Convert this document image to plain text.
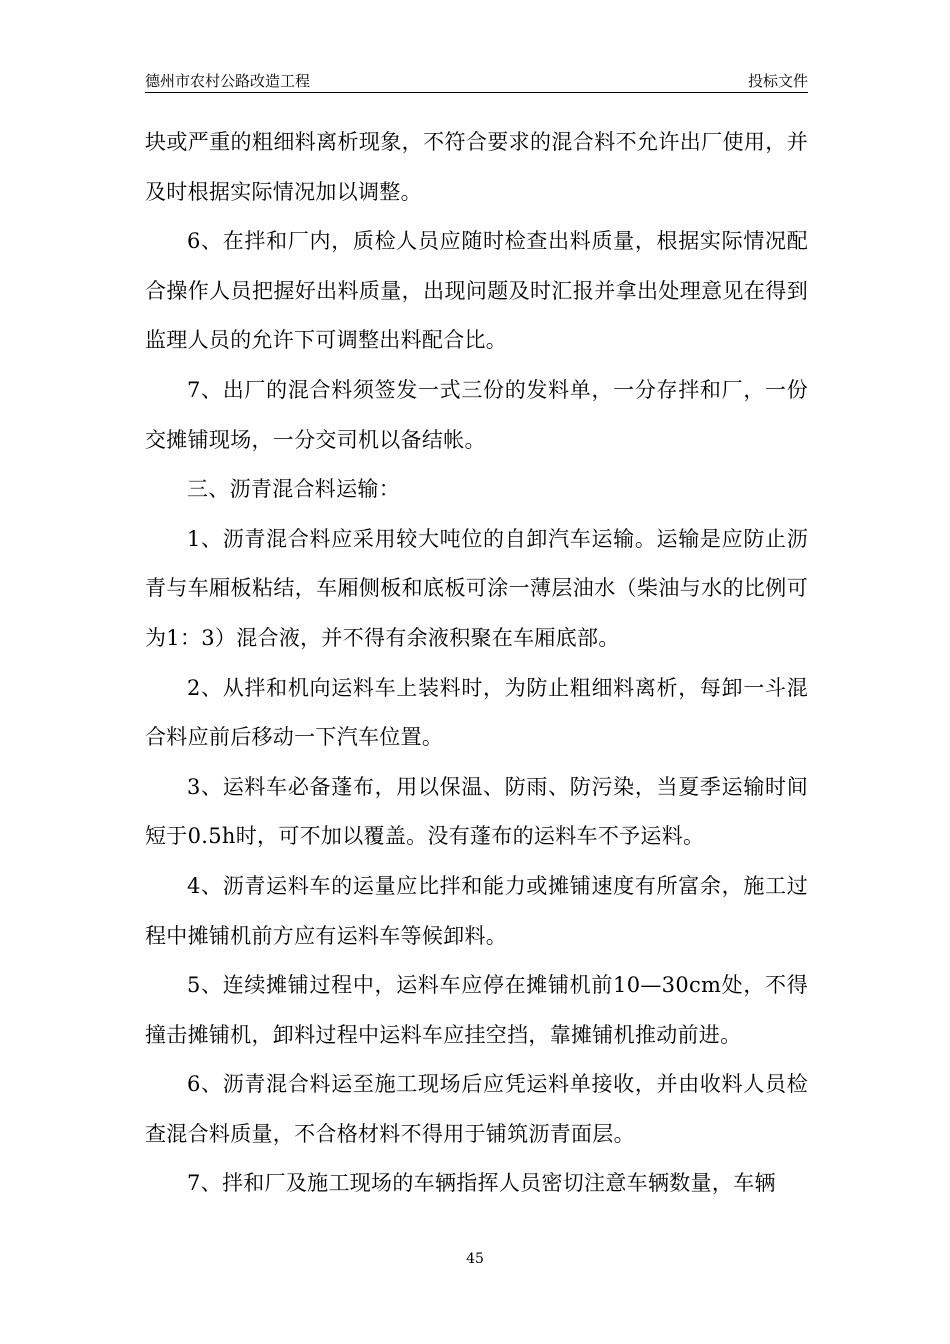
德州市农村公路改造工程	投标文件

块或严重的粗细料离析现象，不符合要求的混合料不允许出厂使用，并及时根据实际情况加以调整。

6、在拌和厂内，质检人员应随时检查出料质量，根据实际情况配合操作人员把握好出料质量，出现问题及时汇报并拿出处理意见在得到监理人员的允许下可调整出料配合比。

7、出厂的混合料须签发一式三份的发料单，一分存拌和厂，一份交摊铺现场，一分交司机以备结帐。

三、沥青混合料运输：

1、沥青混合料应采用较大吨位的自卸汽车运输。运输是应防止沥青与车厢板粘结，车厢侧板和底板可涂一薄层油水（柴油与水的比例可为1：3）混合液，并不得有余液积聚在车厢底部。

2、从拌和机向运料车上装料时，为防止粗细料离析，每卸一斗混合料应前后移动一下汽车位置。

3、运料车必备蓬布，用以保温、防雨、防污染，当夏季运输时间短于0.5h时，可不加以覆盖。没有蓬布的运料车不予运料。

4、沥青运料车的运量应比拌和能力或摊铺速度有所富余，施工过程中摊铺机前方应有运料车等候卸料。

5、连续摊铺过程中，运料车应停在摊铺机前10—30cm处，不得撞击摊铺机，卸料过程中运料车应挂空挡，靠摊铺机推动前进。

6、沥青混合料运至施工现场后应凭运料单接收，并由收料人员检查混合料质量，不合格材料不得用于铺筑沥青面层。

7、拌和厂及施工现场的车辆指挥人员密切注意车辆数量，车辆

45
